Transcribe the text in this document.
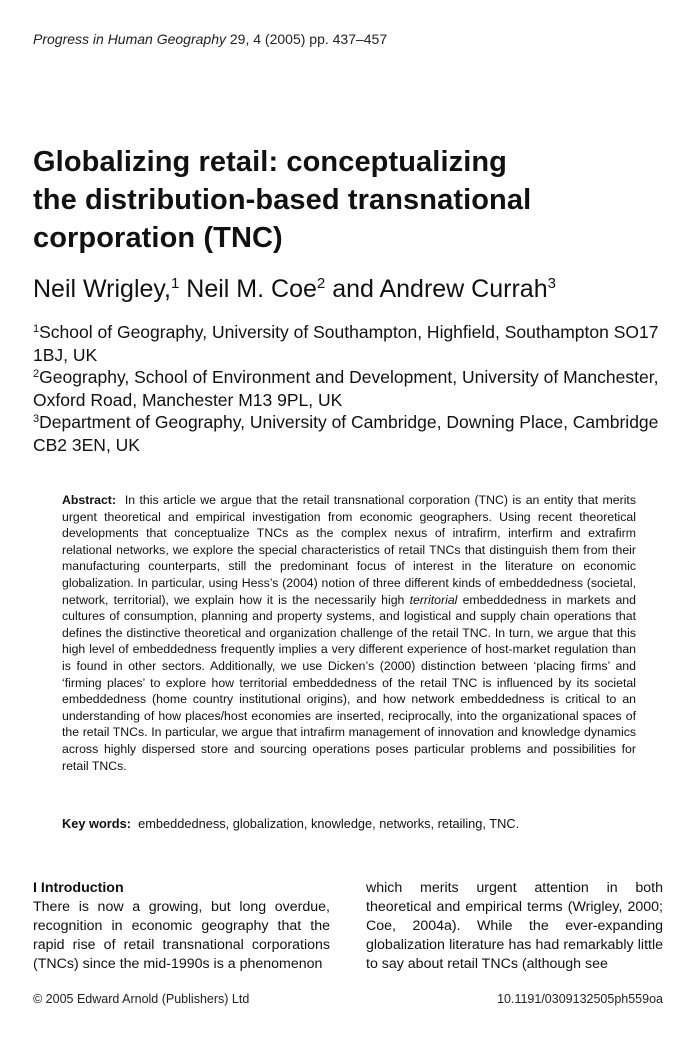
Progress in Human Geography 29, 4 (2005) pp. 437–457
Globalizing retail: conceptualizing
the distribution-based transnational
corporation (TNC)
Neil Wrigley,$^1$ Neil M. Coe$^2$ and Andrew Currah$^3$

$^1$School of Geography, University of Southampton, Highfield, Southampton SO17 1BJ, UK

$^2$Geography, School of Environment and Development, University of Manchester, Oxford Road, Manchester M13 9PL, UK

$^3$Department of Geography, University of Cambridge, Downing Place, Cambridge CB2 3EN, UK

Abstract: In this article we argue that the retail transnational corporation (TNC) is an entity that merits urgent theoretical and empirical investigation from economic geographers. Using recent theoretical developments that conceptualize TNCs as the complex nexus of intrafirm, interfirm and extrafirm relational networks, we explore the special characteristics of retail TNCs that distinguish them from their manufacturing counterparts, still the predominant focus of interest in the literature on economic globalization. In particular, using Hess’s (2004) notion of three different kinds of embeddedness (societal, network, territorial), we explain how it is the necessarily high territorial embeddedness in markets and cultures of consumption, planning and property systems, and logistical and supply chain operations that defines the distinctive theoretical and organization challenge of the retail TNC. In turn, we argue that this high level of embeddedness frequently implies a very different experience of host-market regulation than is found in other sectors. Additionally, we use Dicken’s (2000) distinction between ‘placing firms’ and ‘firming places’ to explore how territorial embeddedness of the retail TNC is influenced by its societal embeddedness (home country institutional origins), and how network embeddedness is critical to an understanding of how places/host economies are inserted, reciprocally, into the organizational spaces of the retail TNCs. In particular, we argue that intrafirm management of innovation and knowledge dynamics across highly dispersed store and sourcing operations poses particular problems and possibilities for retail TNCs.

Key words: embeddedness, globalization, knowledge, networks, retailing, TNC.

I Introduction
There is now a growing, but long overdue, recognition in economic geography that the rapid rise of retail transnational corporations (TNCs) since the mid-1990s is a phenomenon
which merits urgent attention in both theoretical and empirical terms (Wrigley, 2000; Coe, 2004a). While the ever-expanding globalization literature has had remarkably little to say about retail TNCs (although see
© 2005 Edward Arnold (Publishers) Ltd	10.1191/0309132505ph559oa
